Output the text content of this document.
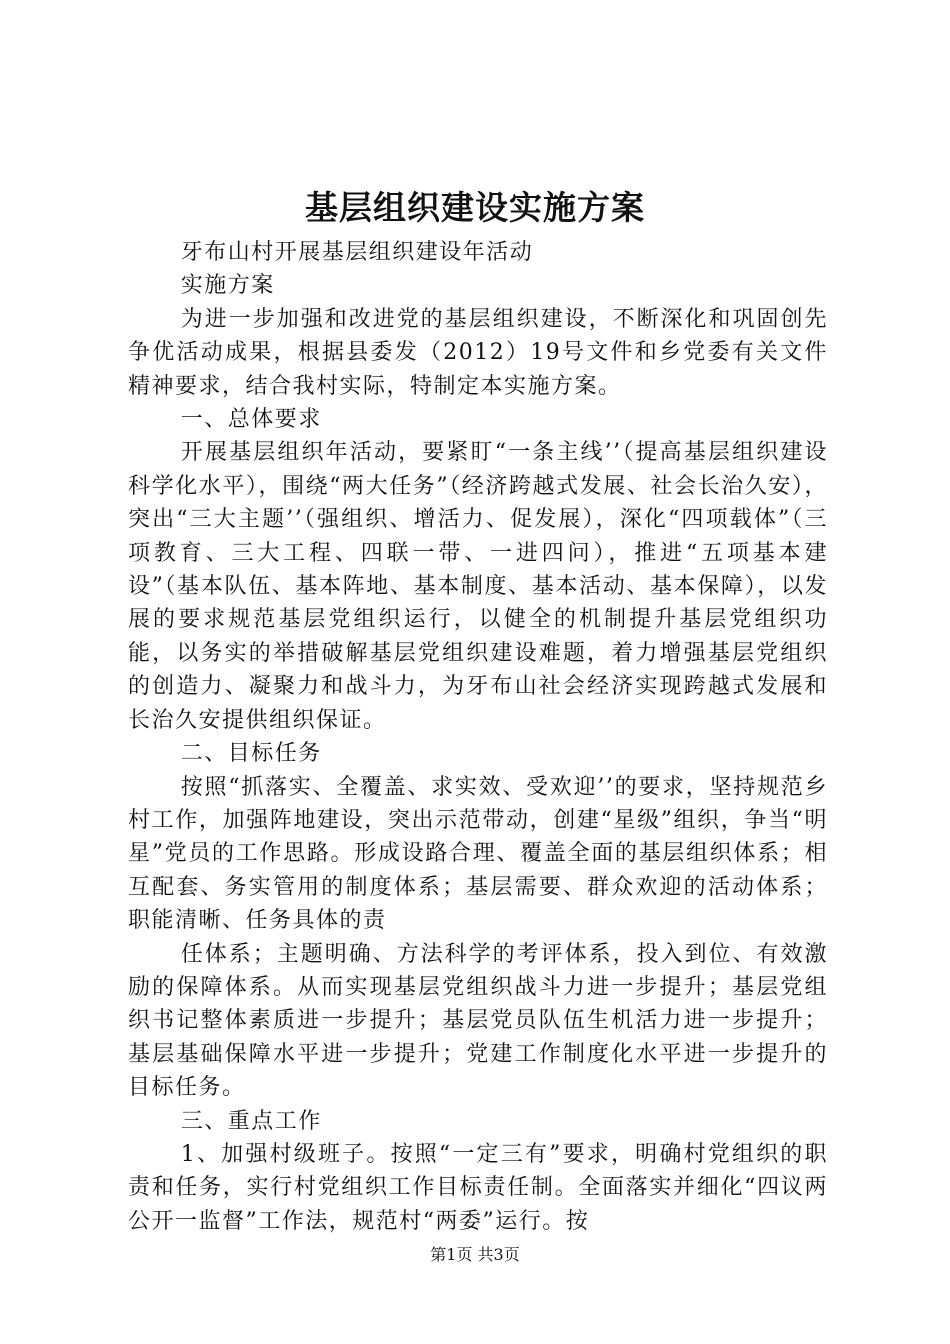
基层组织建设实施方案

牙布山村开展基层组织建设年活动

实施方案

为进一步加强和改进党的基层组织建设，不断深化和巩固创先争优活动成果，根据县委发（2012）19号文件和乡党委有关文件精神要求，结合我村实际，特制定本实施方案。

一、总体要求

开展基层组织年活动，要紧盯“一条主线’’（提高基层组织建设科学化水平），围绕“两大任务”（经济跨越式发展、社会长治久安），突出“三大主题’’（强组织、增活力、促发展），深化“四项载体”（三项教育、三大工程、四联一带、一进四问），推进“五项基本建设”（基本队伍、基本阵地、基本制度、基本活动、基本保障），以发展的要求规范基层党组织运行，以健全的机制提升基层党组织功能，以务实的举措破解基层党组织建设难题，着力增强基层党组织的创造力、凝聚力和战斗力，为牙布山社会经济实现跨越式发展和长治久安提供组织保证。

二、目标任务

按照“抓落实、全覆盖、求实效、受欢迎’’的要求，坚持规范乡村工作，加强阵地建设，突出示范带动，创建“星级”组织，争当“明星”党员的工作思路。形成设路合理、覆盖全面的基层组织体系；相互配套、务实管用的制度体系；基层需要、群众欢迎的活动体系；职能清晰、任务具体的责

任体系；主题明确、方法科学的考评体系，投入到位、有效激励的保障体系。从而实现基层党组织战斗力进一步提升；基层党组织书记整体素质进一步提升；基层党员队伍生机活力进一步提升；基层基础保障水平进一步提升；党建工作制度化水平进一步提升的目标任务。

三、重点工作

1、加强村级班子。按照“一定三有”要求，明确村党组织的职责和任务，实行村党组织工作目标责任制。全面落实并细化“四议两公开一监督”工作法，规范村“两委”运行。按

第1页 共3页
